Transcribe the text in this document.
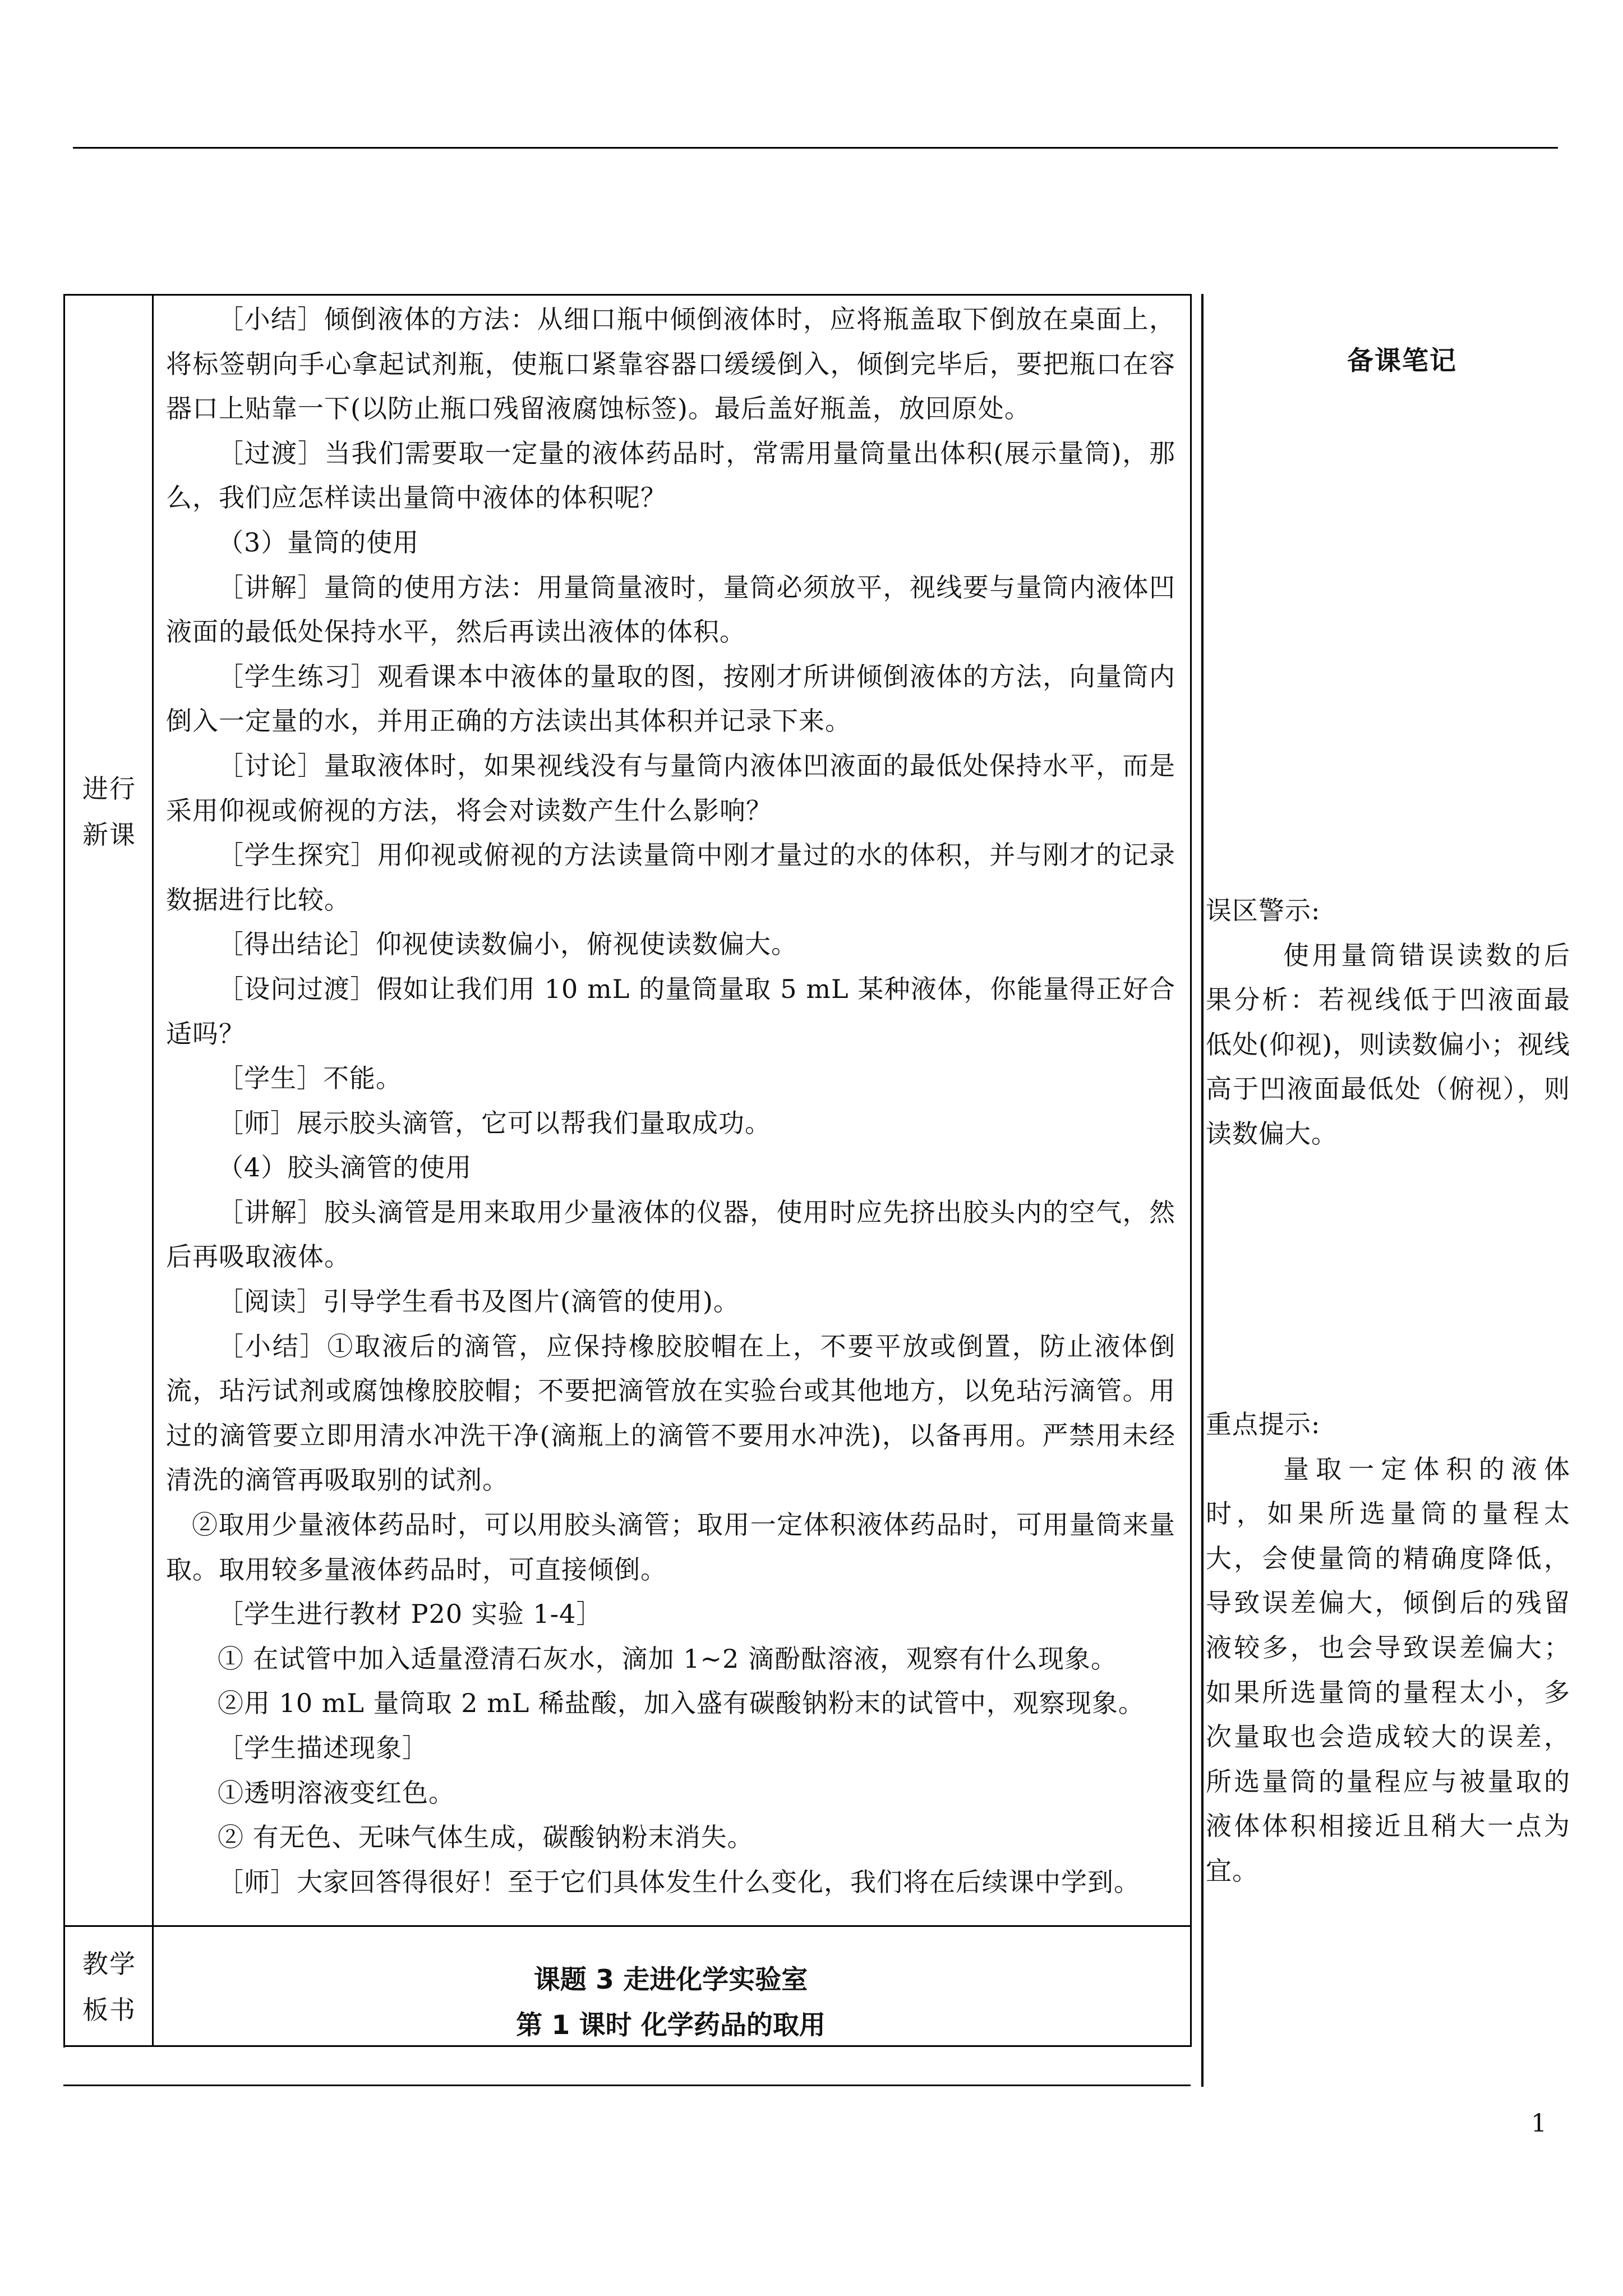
进行新课
教学板书

［小结］倾倒液体的方法：从细口瓶中倾倒液体时，应将瓶盖取下倒放在桌面上，将标签朝向手心拿起试剂瓶，使瓶口紧靠容器口缓缓倒入，倾倒完毕后，要把瓶口在容器口上贴靠一下(以防止瓶口残留液腐蚀标签)。最后盖好瓶盖，放回原处。

［过渡］当我们需要取一定量的液体药品时，常需用量筒量出体积(展示量筒)，那么，我们应怎样读出量筒中液体的体积呢？

（3）量筒的使用

［讲解］量筒的使用方法：用量筒量液时，量筒必须放平，视线要与量筒内液体凹液面的最低处保持水平，然后再读出液体的体积。

［学生练习］观看课本中液体的量取的图，按刚才所讲倾倒液体的方法，向量筒内倒入一定量的水，并用正确的方法读出其体积并记录下来。

［讨论］量取液体时，如果视线没有与量筒内液体凹液面的最低处保持水平，而是采用仰视或俯视的方法，将会对读数产生什么影响？

［学生探究］用仰视或俯视的方法读量筒中刚才量过的水的体积，并与刚才的记录数据进行比较。

［得出结论］仰视使读数偏小，俯视使读数偏大。

［设问过渡］假如让我们用 10 mL 的量筒量取 5 mL 某种液体，你能量得正好合适吗？

［学生］不能。

［师］展示胶头滴管，它可以帮我们量取成功。

（4）胶头滴管的使用

［讲解］胶头滴管是用来取用少量液体的仪器，使用时应先挤出胶头内的空气，然后再吸取液体。

［阅读］引导学生看书及图片(滴管的使用)。

［小结］①取液后的滴管，应保持橡胶胶帽在上，不要平放或倒置，防止液体倒流，玷污试剂或腐蚀橡胶胶帽；不要把滴管放在实验台或其他地方，以免玷污滴管。用过的滴管要立即用清水冲洗干净(滴瓶上的滴管不要用水冲洗)，以备再用。严禁用未经清洗的滴管再吸取别的试剂。

②取用少量液体药品时，可以用胶头滴管；取用一定体积液体药品时，可用量筒来量取。取用较多量液体药品时，可直接倾倒。

［学生进行教材 P20 实验 1-4］

① 在试管中加入适量澄清石灰水，滴加 1~2 滴酚酞溶液，观察有什么现象。

②用 10 mL 量筒取 2 mL 稀盐酸，加入盛有碳酸钠粉末的试管中，观察现象。

［学生描述现象］

①透明溶液变红色。

② 有无色、无味气体生成，碳酸钠粉末消失。

［师］大家回答得很好！至于它们具体发生什么变化，我们将在后续课中学到。

备课笔记

误区警示:

使用量筒错误读数的后果分析：若视线低于凹液面最低处(仰视)，则读数偏小；视线高于凹液面最低处（俯视），则读数偏大。

重点提示:

量取一定体积的液体时，如果所选量筒的量程太大，会使量筒的精确度降低，导致误差偏大，倾倒后的残留液较多，也会导致误差偏大；如果所选量筒的量程太小，多次量取也会造成较大的误差，所选量筒的量程应与被量取的液体体积相接近且稍大一点为宜。

课题 3 走进化学实验室
第 1 课时 化学药品的取用
1
